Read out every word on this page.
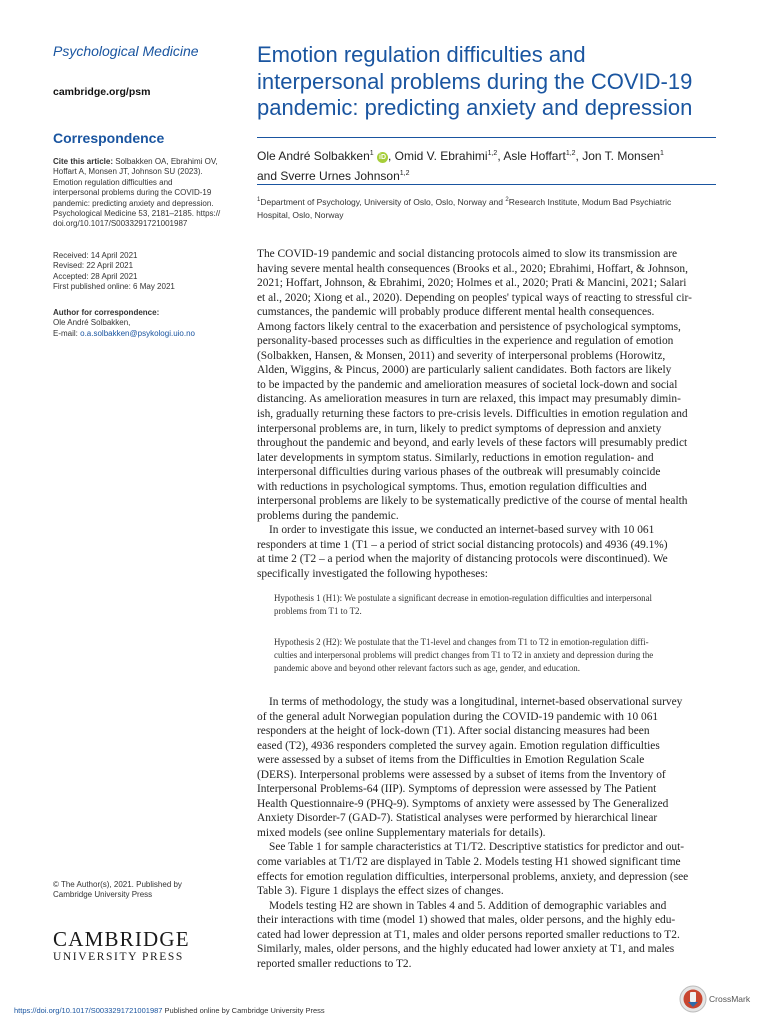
Psychological Medicine
cambridge.org/psm
Correspondence
Cite this article: Solbakken OA, Ebrahimi OV,
Hoffart A, Monsen JT, Johnson SU (2023).
Emotion regulation difficulties and
interpersonal problems during the COVID-19
pandemic: predicting anxiety and depression.
Psychological Medicine 53, 2181–2185. https://
doi.org/10.1017/S0033291721001987
Received: 14 April 2021
Revised: 22 April 2021
Accepted: 28 April 2021
First published online: 6 May 2021
Author for correspondence:
Ole André Solbakken,
E-mail: o.a.solbakken@psykologi.uio.no
© The Author(s), 2021. Published by
Cambridge University Press
CAMBRIDGE
UNIVERSITY PRESS
Emotion regulation difficulties and
interpersonal problems during the COVID-19
pandemic: predicting anxiety and depression
Ole André Solbakken$^1$ iD , Omid V. Ebrahimi$^{1,2}$, Asle Hoffart$^{1,2}$, Jon T. Monsen$^1$
and Sverre Urnes Johnson$^{1,2}$
$^1$Department of Psychology, University of Oslo, Oslo, Norway and $^2$Research Institute, Modum Bad Psychiatric
Hospital, Oslo, Norway

The COVID-19 pandemic and social distancing protocols aimed to slow its transmission are
having severe mental health consequences (Brooks et al., 2020; Ebrahimi, Hoffart, & Johnson,
2021; Hoffart, Johnson, & Ebrahimi, 2020; Holmes et al., 2020; Prati & Mancini, 2021; Salari
et al., 2020; Xiong et al., 2020). Depending on peoples' typical ways of reacting to stressful cir-
cumstances, the pandemic will probably produce different mental health consequences.
Among factors likely central to the exacerbation and persistence of psychological symptoms,
personality-based processes such as difficulties in the experience and regulation of emotion
(Solbakken, Hansen, & Monsen, 2011) and severity of interpersonal problems (Horowitz,
Alden, Wiggins, & Pincus, 2000) are particularly salient candidates. Both factors are likely
to be impacted by the pandemic and amelioration measures of societal lock-down and social
distancing. As amelioration measures in turn are relaxed, this impact may presumably dimin-
ish, gradually returning these factors to pre-crisis levels. Difficulties in emotion regulation and
interpersonal problems are, in turn, likely to predict symptoms of depression and anxiety
throughout the pandemic and beyond, and early levels of these factors will presumably predict
later developments in symptom status. Similarly, reductions in emotion regulation- and
interpersonal difficulties during various phases of the outbreak will presumably coincide
with reductions in psychological symptoms. Thus, emotion regulation difficulties and
interpersonal problems are likely to be systematically predictive of the course of mental health
problems during the pandemic.

In order to investigate this issue, we conducted an internet-based survey with 10 061
responders at time 1 (T1 – a period of strict social distancing protocols) and 4936 (49.1%)
at time 2 (T2 – a period when the majority of distancing protocols were discontinued). We
specifically investigated the following hypotheses:

Hypothesis 1 (H1): We postulate a significant decrease in emotion-regulation difficulties and interpersonal
problems from T1 to T2.
Hypothesis 2 (H2): We postulate that the T1-level and changes from T1 to T2 in emotion-regulation diffi-
culties and interpersonal problems will predict changes from T1 to T2 in anxiety and depression during the
pandemic above and beyond other relevant factors such as age, gender, and education.

In terms of methodology, the study was a longitudinal, internet-based observational survey
of the general adult Norwegian population during the COVID-19 pandemic with 10 061
responders at the height of lock-down (T1). After social distancing measures had been
eased (T2), 4936 responders completed the survey again. Emotion regulation difficulties
were assessed by a subset of items from the Difficulties in Emotion Regulation Scale
(DERS). Interpersonal problems were assessed by a subset of items from the Inventory of
Interpersonal Problems-64 (IIP). Symptoms of depression were assessed by The Patient
Health Questionnaire-9 (PHQ-9). Symptoms of anxiety were assessed by The Generalized
Anxiety Disorder-7 (GAD-7). Statistical analyses were performed by hierarchical linear
mixed models (see online Supplementary materials for details).

See Table 1 for sample characteristics at T1/T2. Descriptive statistics for predictor and out-
come variables at T1/T2 are displayed in Table 2. Models testing H1 showed significant time
effects for emotion regulation difficulties, interpersonal problems, anxiety, and depression (see
Table 3). Figure 1 displays the effect sizes of changes.

Models testing H2 are shown in Tables 4 and 5. Addition of demographic variables and
their interactions with time (model 1) showed that males, older persons, and the highly edu-
cated had lower depression at T1, males and older persons reported smaller reductions to T2.
Similarly, males, older persons, and the highly educated had lower anxiety at T1, and males
reported smaller reductions to T2.

https://doi.org/10.1017/S0033291721001987 Published online by Cambridge University Press
CrossMark
